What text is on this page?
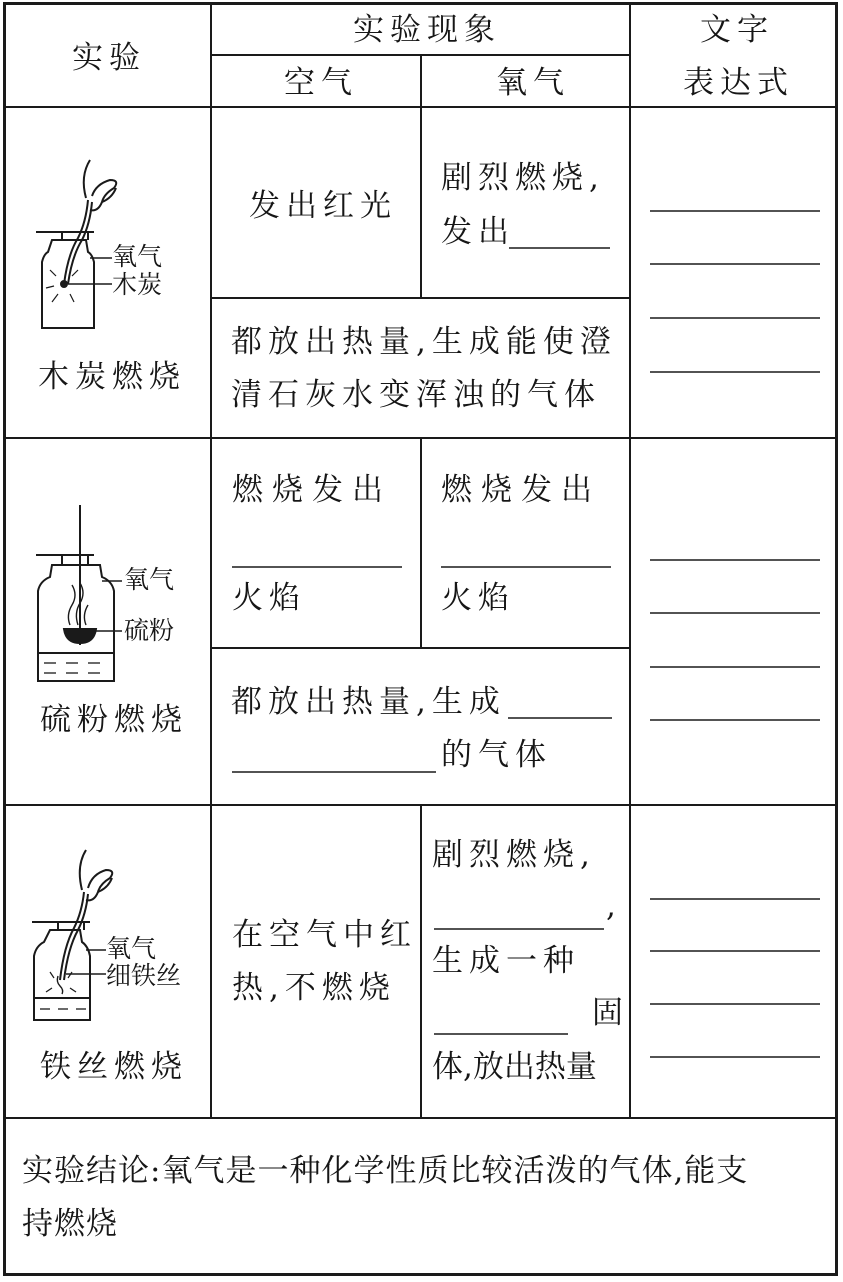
实验
实验现象
空气	氧气
文字
表达式
氧气
木炭
木炭燃烧
发出红光
剧烈燃烧,
发出
都放出热量,生成能使澄
清石灰水变浑浊的气体
氧气
硫粉
硫粉燃烧
燃烧发出
火焰
燃烧发出
火焰
都放出热量,生成
的气体
氧气
细铁丝
铁丝燃烧
在空气中红
热,不燃烧
剧烈燃烧,
,
生成一种
固
体,放出热量
实验结论:氧气是一种化学性质比较活泼的气体,能支
持燃烧
